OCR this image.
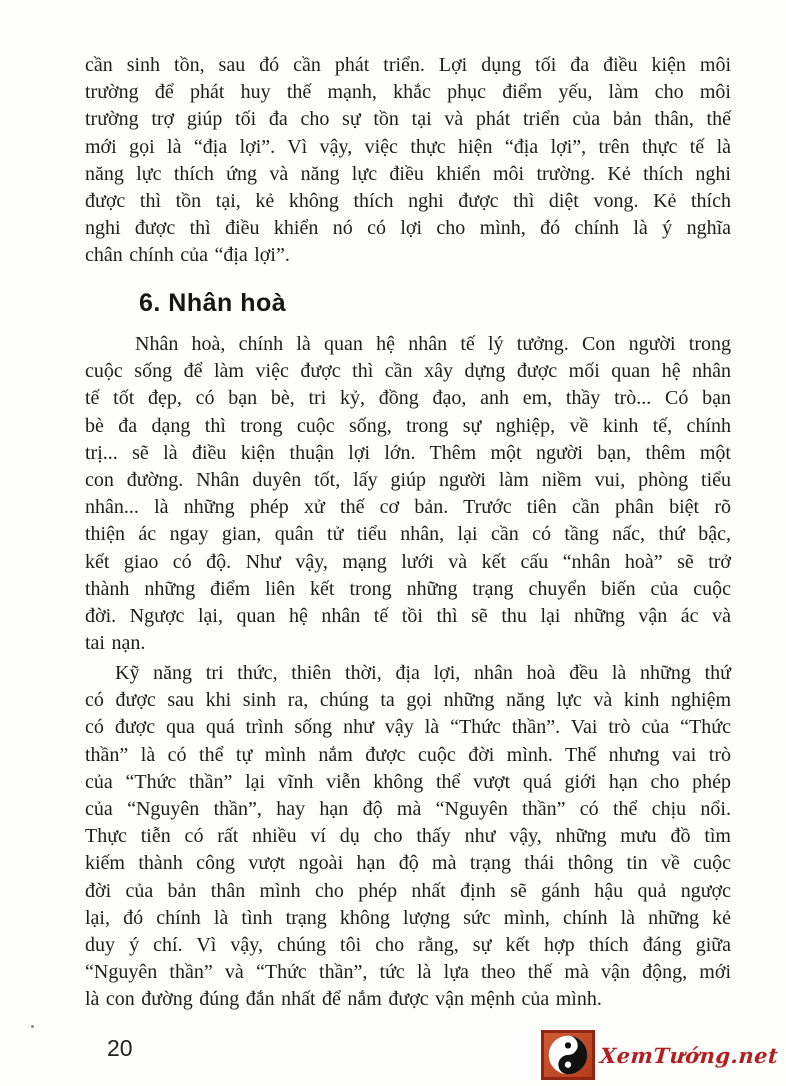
cần sinh tồn, sau đó cần phát triển. Lợi dụng tối đa điều kiện môi
trường để phát huy thế mạnh, khắc phục điểm yếu, làm cho môi
trường trợ giúp tối đa cho sự tồn tại và phát triển của bản thân, thế
mới gọi là “địa lợi”. Vì vậy, việc thực hiện “địa lợi”, trên thực tế là
năng lực thích ứng và năng lực điều khiển môi trường. Kẻ thích nghi
được thì tồn tại, kẻ không thích nghi được thì diệt vong. Kẻ thích
nghi được thì điều khiển nó có lợi cho mình, đó chính là ý nghĩa
chân chính của “địa lợi”.
6. Nhân hoà
Nhân hoà, chính là quan hệ nhân tế lý tưởng. Con người trong
cuộc sống để làm việc được thì cần xây dựng được mối quan hệ nhân
tế tốt đẹp, có bạn bè, tri kỷ, đồng đạo, anh em, thầy trò... Có bạn
bè đa dạng thì trong cuộc sống, trong sự nghiệp, về kinh tế, chính
trị... sẽ là điều kiện thuận lợi lớn. Thêm một người bạn, thêm một
con đường. Nhân duyên tốt, lấy giúp người làm niềm vui, phòng tiểu
nhân... là những phép xử thế cơ bản. Trước tiên cần phân biệt rõ
thiện ác ngay gian, quân tử tiểu nhân, lại cần có tầng nấc, thứ bậc,
kết giao có độ. Như vậy, mạng lưới và kết cấu “nhân hoà” sẽ trở
thành những điểm liên kết trong những trạng chuyển biến của cuộc
đời. Ngược lại, quan hệ nhân tế tồi thì sẽ thu lại những vận ác và
tai nạn.
Kỹ năng tri thức, thiên thời, địa lợi, nhân hoà đều là những thứ
có được sau khi sinh ra, chúng ta gọi những năng lực và kinh nghiệm
có được qua quá trình sống như vậy là “Thức thần”. Vai trò của “Thức
thần” là có thể tự mình nắm được cuộc đời mình. Thế nhưng vai trò
của “Thức thần” lại vĩnh viễn không thể vượt quá giới hạn cho phép
của “Nguyên thần”, hay hạn độ mà “Nguyên thần” có thể chịu nổi.
Thực tiễn có rất nhiều ví dụ cho thấy như vậy, những mưu đồ tìm
kiếm thành công vượt ngoài hạn độ mà trạng thái thông tin về cuộc
đời của bản thân mình cho phép nhất định sẽ gánh hậu quả ngược
lại, đó chính là tình trạng không lượng sức mình, chính là những kẻ
duy ý chí. Vì vậy, chúng tôi cho rằng, sự kết hợp thích đáng giữa
“Nguyên thần” và “Thức thần”, tức là lựa theo thế mà vận động, mới
là con đường đúng đắn nhất để nắm được vận mệnh của mình.
20	XemTướng.net
